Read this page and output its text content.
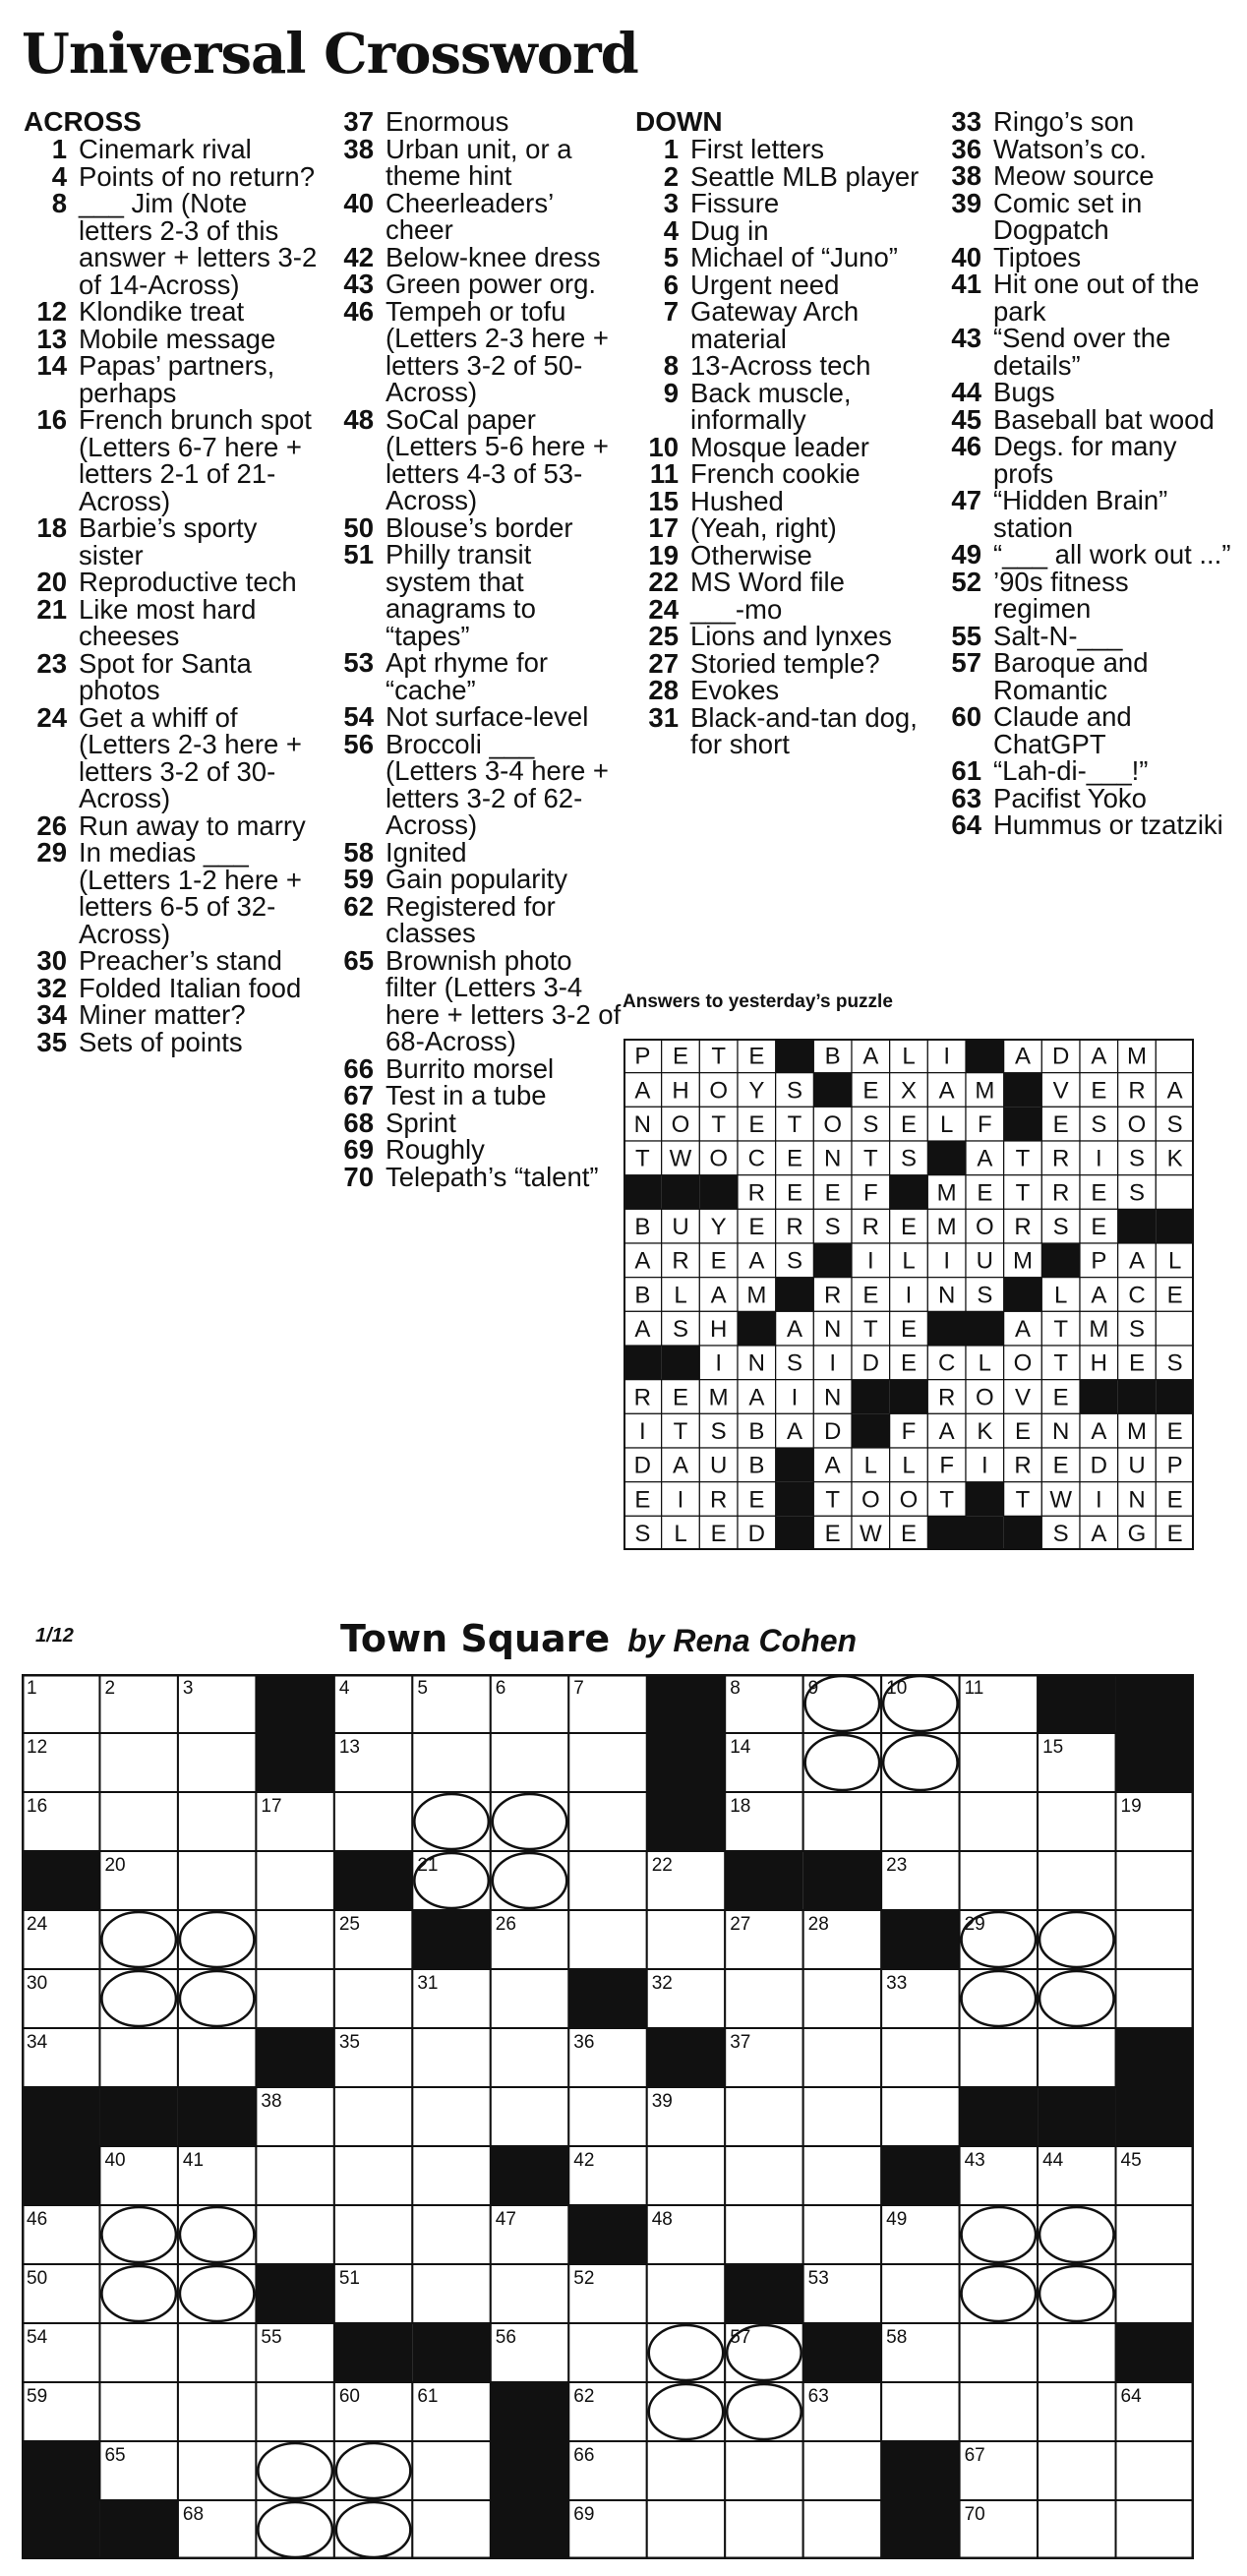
Universal Crossword
ACROSS
1 Cinemark rival
4 Points of no return?
8 ___ Jim (Note letters 2-3 of this answer + letters 3-2 of 14-Across)
12 Klondike treat
13 Mobile message
14 Papas’ partners, perhaps
16 French brunch spot (Letters 6-7 here + letters 2-1 of 21-Across)
18 Barbie’s sporty sister
20 Reproductive tech
21 Like most hard cheeses
23 Spot for Santa photos
24 Get a whiff of (Letters 2-3 here + letters 3-2 of 30-Across)
26 Run away to marry
29 In medias ___ (Letters 1-2 here + letters 6-5 of 32-Across)
30 Preacher’s stand
32 Folded Italian food
34 Miner matter?
35 Sets of points
37 Enormous
38 Urban unit, or a theme hint
40 Cheerleaders’ cheer
42 Below-knee dress
43 Green power org.
46 Tempeh or tofu (Letters 2-3 here + letters 3-2 of 50-Across)
48 SoCal paper (Letters 5-6 here + letters 4-3 of 53-Across)
50 Blouse’s border
51 Philly transit system that anagrams to “tapes”
53 Apt rhyme for “cache”
54 Not surface-level
56 Broccoli ___ (Letters 3-4 here + letters 3-2 of 62-Across)
58 Ignited
59 Gain popularity
62 Registered for classes
65 Brownish photo filter (Letters 3-4 here + letters 3-2 of 68-Across)
66 Burrito morsel
67 Test in a tube
68 Sprint
69 Roughly
70 Telepath’s “talent”
DOWN
1 First letters
2 Seattle MLB player
3 Fissure
4 Dug in
5 Michael of “Juno”
6 Urgent need
7 Gateway Arch material
8 13-Across tech
9 Back muscle, informally
10 Mosque leader
11 French cookie
15 Hushed
17 (Yeah, right)
19 Otherwise
22 MS Word file
24 ___-mo
25 Lions and lynxes
27 Storied temple?
28 Evokes
31 Black-and-tan dog, for short
33 Ringo’s son
36 Watson’s co.
38 Meow source
39 Comic set in Dogpatch
40 Tiptoes
41 Hit one out of the park
43 “Send over the details”
44 Bugs
45 Baseball bat wood
46 Degs. for many profs
47 “Hidden Brain” station
49 “___ all work out ...”
52 ’90s fitness regimen
55 Salt-N-___
57 Baroque and Romantic
60 Claude and ChatGPT
61 “Lah-di-___!”
63 Pacifist Yoko
64 Hummus or tzatziki
Answers to yesterday’s puzzle
P E T E	B A L I	A D A M
A H O Y S	E X A M V E R A
N O T E T O S E L F	E S O S
T W O C E N T S	A T R I S K
R E E F M E T R E S
B U Y E R S R E M O R S E
A R E A S	I L I U M P A L
B L A M R E I N S	L A C E
A S H	A N T E	A T M S
I N S I D E C L O T H E S
R E M A I N	R O V E
I T S B A D	F A K E N A M E
D A U B	A L L F I R E D U P
E I R E	T O O T	T W I N E
S L E D	E W E	S A G E
1/12	Town Square by Rena Cohen
1	2	3	4	5	6	7	8	9	10	11
12	13	14	15
16	17	18	19
20	21	22	23
24	25	26	27	28	29
30	31	32	33
34	35	36	37
38	39
40	41	42	43	44	45
46	47	48	49
50	51	52	53
54	55	56	57	58
59	60	61	62	63	64
65	66	67
68	69	70
